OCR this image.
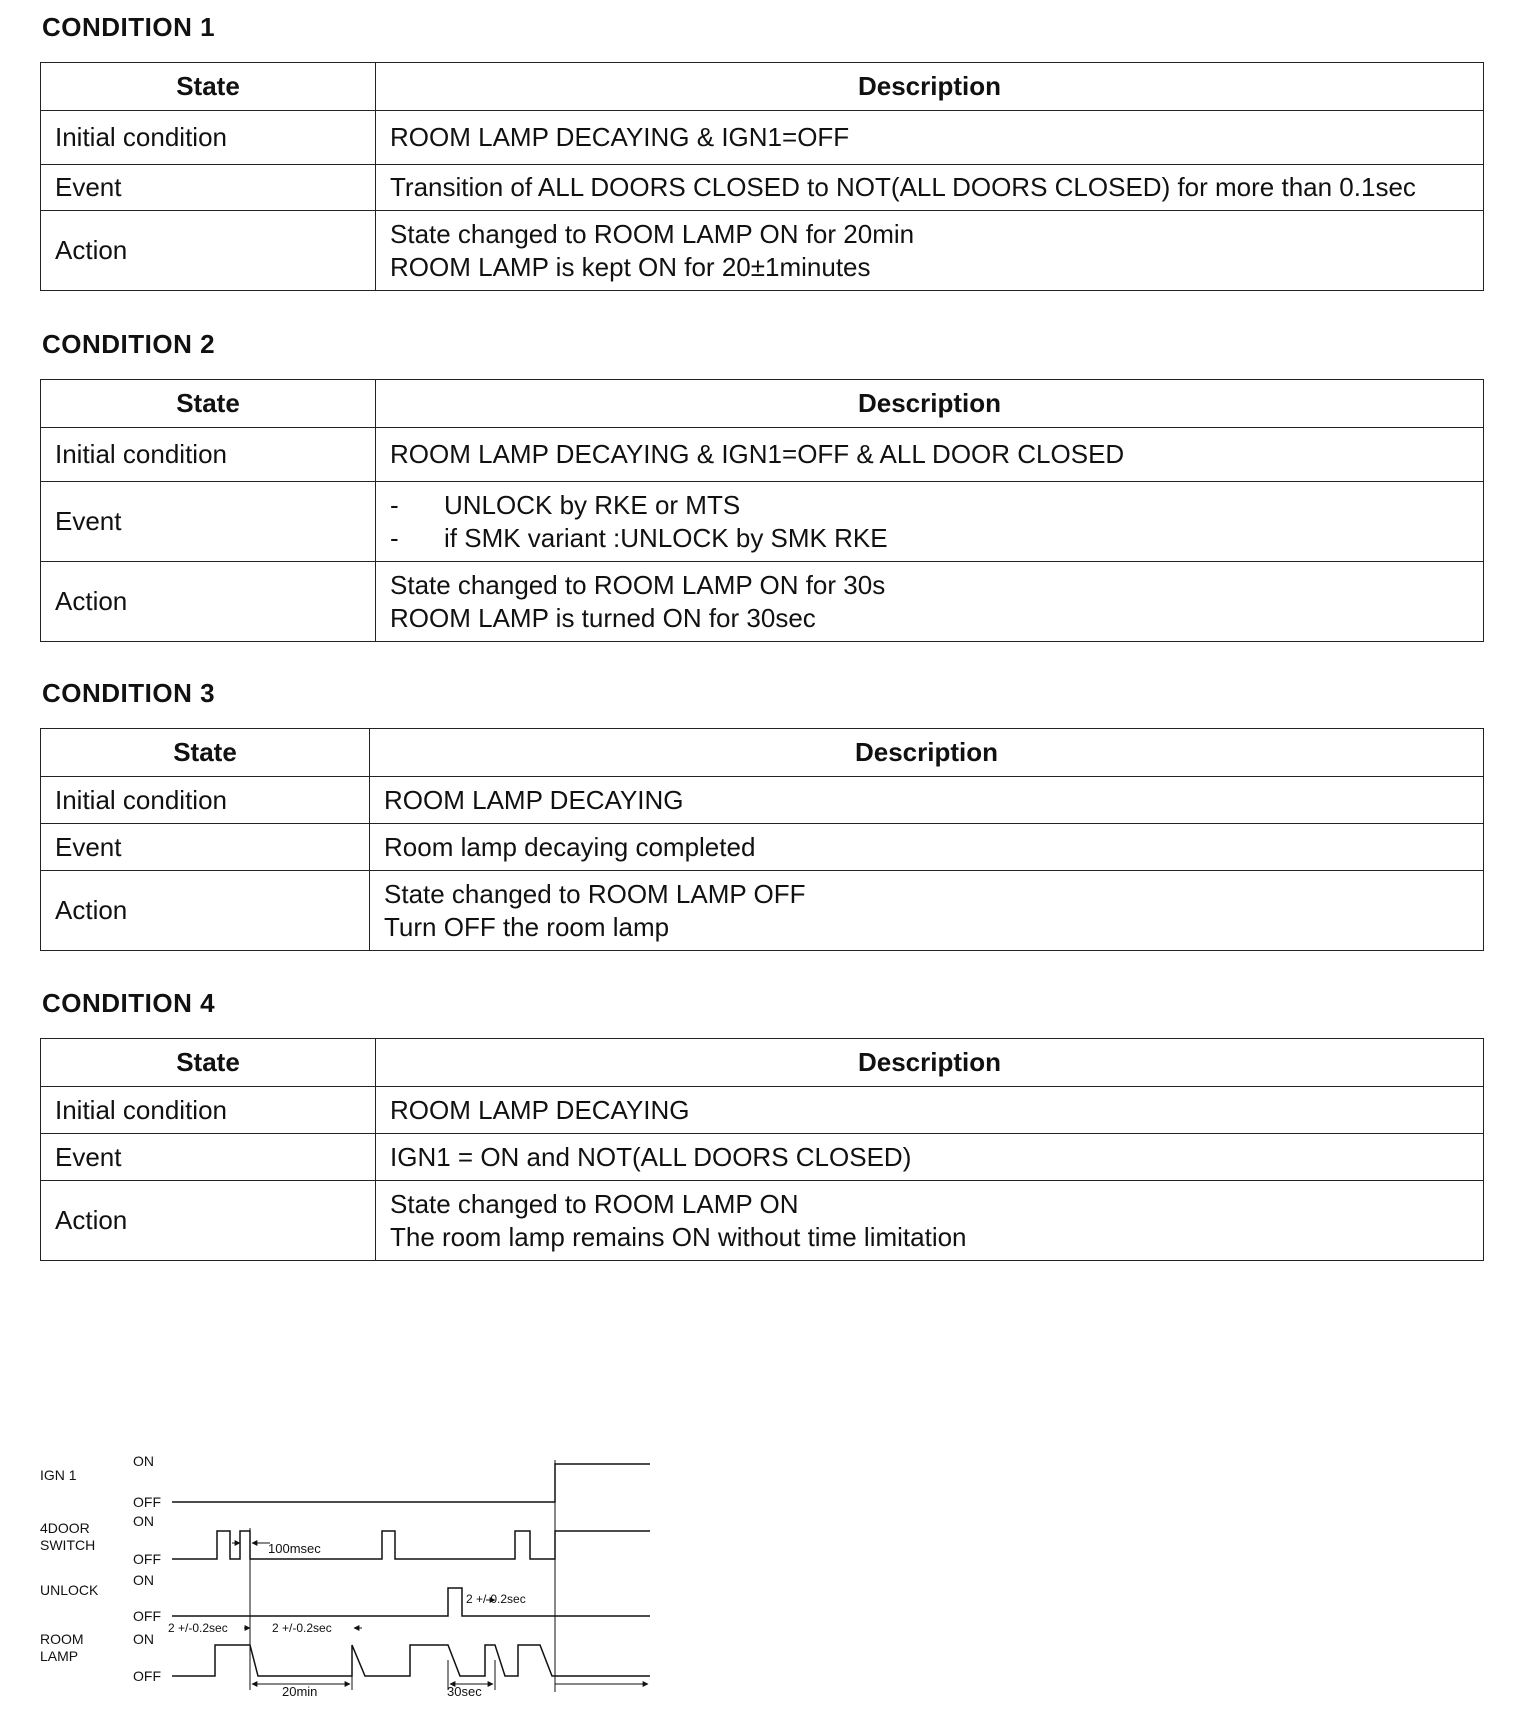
CONDITION 1
State	Description
Initial condition	ROOM LAMP DECAYING & IGN1=OFF

Event	Transition of ALL DOORS CLOSED to NOT(ALL DOORS CLOSED) for more than 0.1sec

Action	State changed to ROOM LAMP ON for 20min
ROOM LAMP is kept ON for 20±1minutes
CONDITION 2
State	Description
Initial condition	ROOM LAMP DECAYING & IGN1=OFF & ALL DOOR CLOSED

Event	- UNLOCK by RKE or MTS
- if SMK variant :UNLOCK by SMK RKE

Action	State changed to ROOM LAMP ON for 30s
ROOM LAMP is turned ON for 30sec
CONDITION 3
State	Description
Initial condition	ROOM LAMP DECAYING

Event	Room lamp decaying completed

Action	State changed to ROOM LAMP OFF
Turn OFF the room lamp
CONDITION 4
State	Description
Initial condition	ROOM LAMP DECAYING

Event	IGN1 = ON and NOT(ALL DOORS CLOSED)

Action	State changed to ROOM LAMP ON
The room lamp remains ON without time limitation
IGN 1
4DOOR
SWITCH
UNLOCK
ROOM
LAMP
ON
OFF
ON
OFF
ON
OFF
ON
OFF
100msec
2 +/-0.2sec	2 +/-0.2sec
2 +/-0.2sec
20min	30sec
